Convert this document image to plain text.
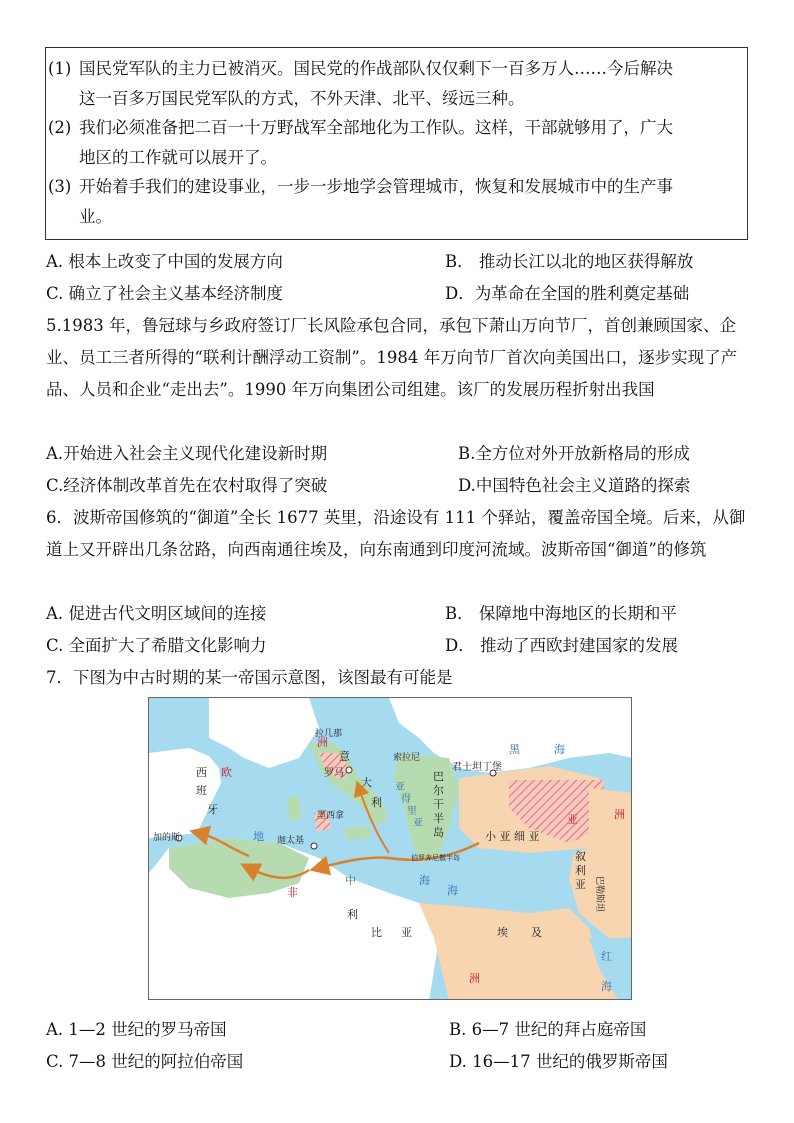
(1) 国民党军队的主力已被消灭。国民党的作战部队仅仅剩下一百多万人……今后解决
这一百多万国民党军队的方式，不外天津、北平、绥远三种。
(2) 我们必须准备把二百一十万野战军全部地化为工作队。这样，干部就够用了，广大
地区的工作就可以展开了。
(3) 开始着手我们的建设事业，一步一步地学会管理城市，恢复和发展城市中的生产事
业。
A. 根本上改变了中国的发展方向	B． 推动长江以北的地区获得解放
C. 确立了社会主义基本经济制度	D．为革命在全国的胜利奠定基础
5.1983 年，鲁冠球与乡政府签订厂长风险承包合同，承包下萧山万向节厂，首创兼顾国家、企业、员工三者所得的“联利计酬浮动工资制”。1984 年万向节厂首次向美国出口，逐步实现了产品、人员和企业“走出去”。1990 年万向集团公司组建。该厂的发展历程折射出我国
A.开始进入社会主义现代化建设新时期	B.全方位对外开放新格局的形成
C.经济体制改革首先在农村取得了突破	D.中国特色社会主义道路的探索
6．波斯帝国修筑的“御道”全长 1677 英里，沿途设有 111 个驿站，覆盖帝国全境。后来，从御道上又开辟出几条岔路，向西南通往埃及，向东南通到印度河流域。波斯帝国“御道”的修筑
A. 促进古代文明区域间的连接	B． 保障地中海地区的长期和平
C. 全面扩大了希腊文化影响力	D． 推动了西欧封建国家的发展
7．下图为中古时期的某一帝国示意图，该图最有可能是
西
班
牙
欧
洲
洲
黑	海
亚
拉几那
索拉尼
意
大
利
罗马
君士坦丁堡
巴
尔
干
半
岛
亚
得
里
亚
小 亚 细 亚
加的斯	地
中
海
墨西拿
迦太基
伯罗奔尼撒半岛	叙
利
亚 巴勒斯坦
非
利
比 亚	埃 及
海
红
海
洲
A. 1—2 世纪的罗马帝国	B. 6—7 世纪的拜占庭帝国
C. 7—8 世纪的阿拉伯帝国	D. 16—17 世纪的俄罗斯帝国
